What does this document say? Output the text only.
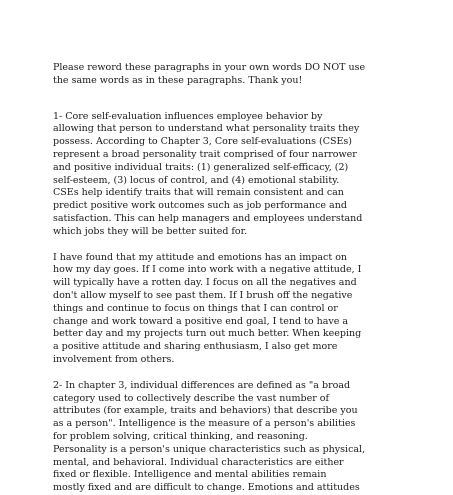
Please reword these paragraphs in your own words DO NOT use
the same words as in these paragraphs. Thank you!
1- Core self-evaluation influences employee behavior by
allowing that person to understand what personality traits they
possess. According to Chapter 3, Core self-evaluations (CSEs)
represent a broad personality trait comprised of four narrower
and positive individual traits: (1) generalized self-efficacy, (2)
self-esteem, (3) locus of control, and (4) emotional stability.
CSEs help identify traits that will remain consistent and can
predict positive work outcomes such as job performance and
satisfaction. This can help managers and employees understand
which jobs they will be better suited for.
I have found that my attitude and emotions has an impact on
how my day goes. If I come into work with a negative attitude, I
will typically have a rotten day. I focus on all the negatives and
don't allow myself to see past them. If I brush off the negative
things and continue to focus on things that I can control or
change and work toward a positive end goal, I tend to have a
better day and my projects turn out much better. When keeping
a positive attitude and sharing enthusiasm, I also get more
involvement from others.
2- In chapter 3, individual differences are defined as "a broad
category used to collectively describe the vast number of
attributes (for example, traits and behaviors) that describe you
as a person". Intelligence is the measure of a person's abilities
for problem solving, critical thinking, and reasoning.
Personality is a person's unique characteristics such as physical,
mental, and behavioral. Individual characteristics are either
fixed or flexible. Intelligence and mental abilities remain
mostly fixed and are difficult to change. Emotions and attitudes
